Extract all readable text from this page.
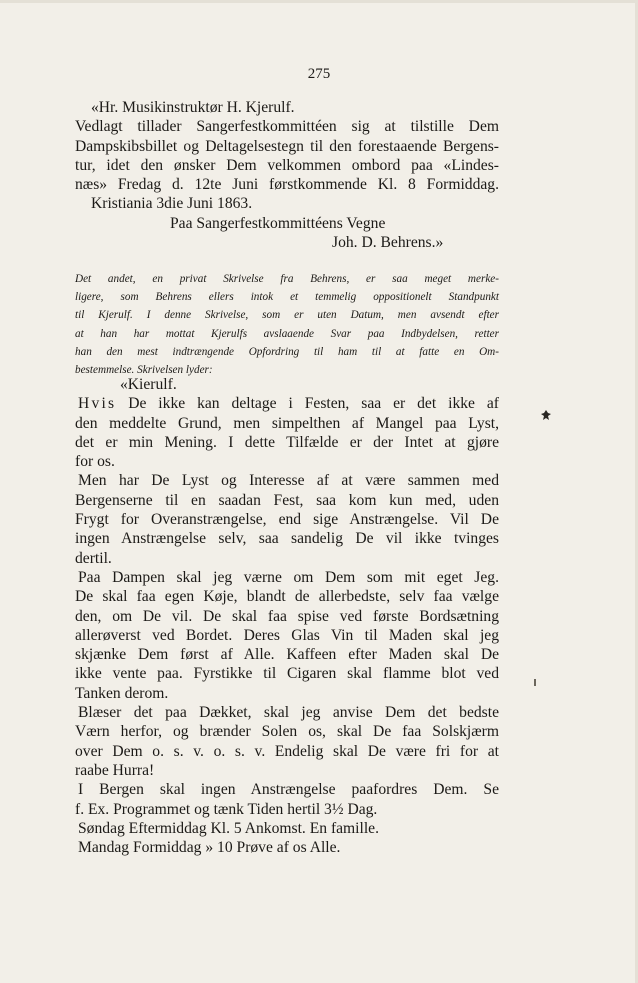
275
«Hr. Musikinstruktør H. Kjerulf.
Vedlagt tillader Sangerfestkommittéen sig at tilstille Dem
Dampskibsbillet og Deltagelsestegn til den forestaaende Bergens-
tur, idet den ønsker Dem velkommen ombord paa «Lindes-
næs» Fredag d. 12te Juni førstkommende Kl. 8 Formiddag.
Kristiania 3die Juni 1863.
Paa Sangerfestkommittéens Vegne
Joh. D. Behrens.»
Det andet, en privat Skrivelse fra Behrens, er saa meget merke-
ligere, som Behrens ellers intok et temmelig oppositionelt Standpunkt
til Kjerulf. I denne Skrivelse, som er uten Datum, men avsendt efter
at han har mottat Kjerulfs avslaaende Svar paa Indbydelsen, retter
han den mest indtrængende Opfordring til ham til at fatte en Om-
bestemmelse. Skrivelsen lyder:
«Kierulf.
Hvis De ikke kan deltage i Festen, saa er det ikke af
den meddelte Grund, men simpelthen af Mangel paa Lyst,
det er min Mening. I dette Tilfælde er der Intet at gjøre
for os.
Men har De Lyst og Interesse af at være sammen med
Bergenserne til en saadan Fest, saa kom kun med, uden
Frygt for Overanstrængelse, end sige Anstrængelse. Vil De
ingen Anstrængelse selv, saa sandelig De vil ikke tvinges
dertil.
Paa Dampen skal jeg værne om Dem som mit eget Jeg.
De skal faa egen Køje, blandt de allerbedste, selv faa vælge
den, om De vil. De skal faa spise ved første Bordsætning
allerøverst ved Bordet. Deres Glas Vin til Maden skal jeg
skjænke Dem først af Alle. Kaffeen efter Maden skal De
ikke vente paa. Fyrstikke til Cigaren skal flamme blot ved
Tanken derom.
Blæser det paa Dækket, skal jeg anvise Dem det bedste
Værn herfor, og brænder Solen os, skal De faa Solskjærm
over Dem o. s. v. o. s. v. Endelig skal De være fri for at
raabe Hurra!
I Bergen skal ingen Anstrængelse paafordres Dem. Se
f. Ex. Programmet og tænk Tiden hertil 3½ Dag.
Søndag Eftermiddag Kl. 5 Ankomst. En famille.
Mandag Formiddag » 10 Prøve af os Alle.
